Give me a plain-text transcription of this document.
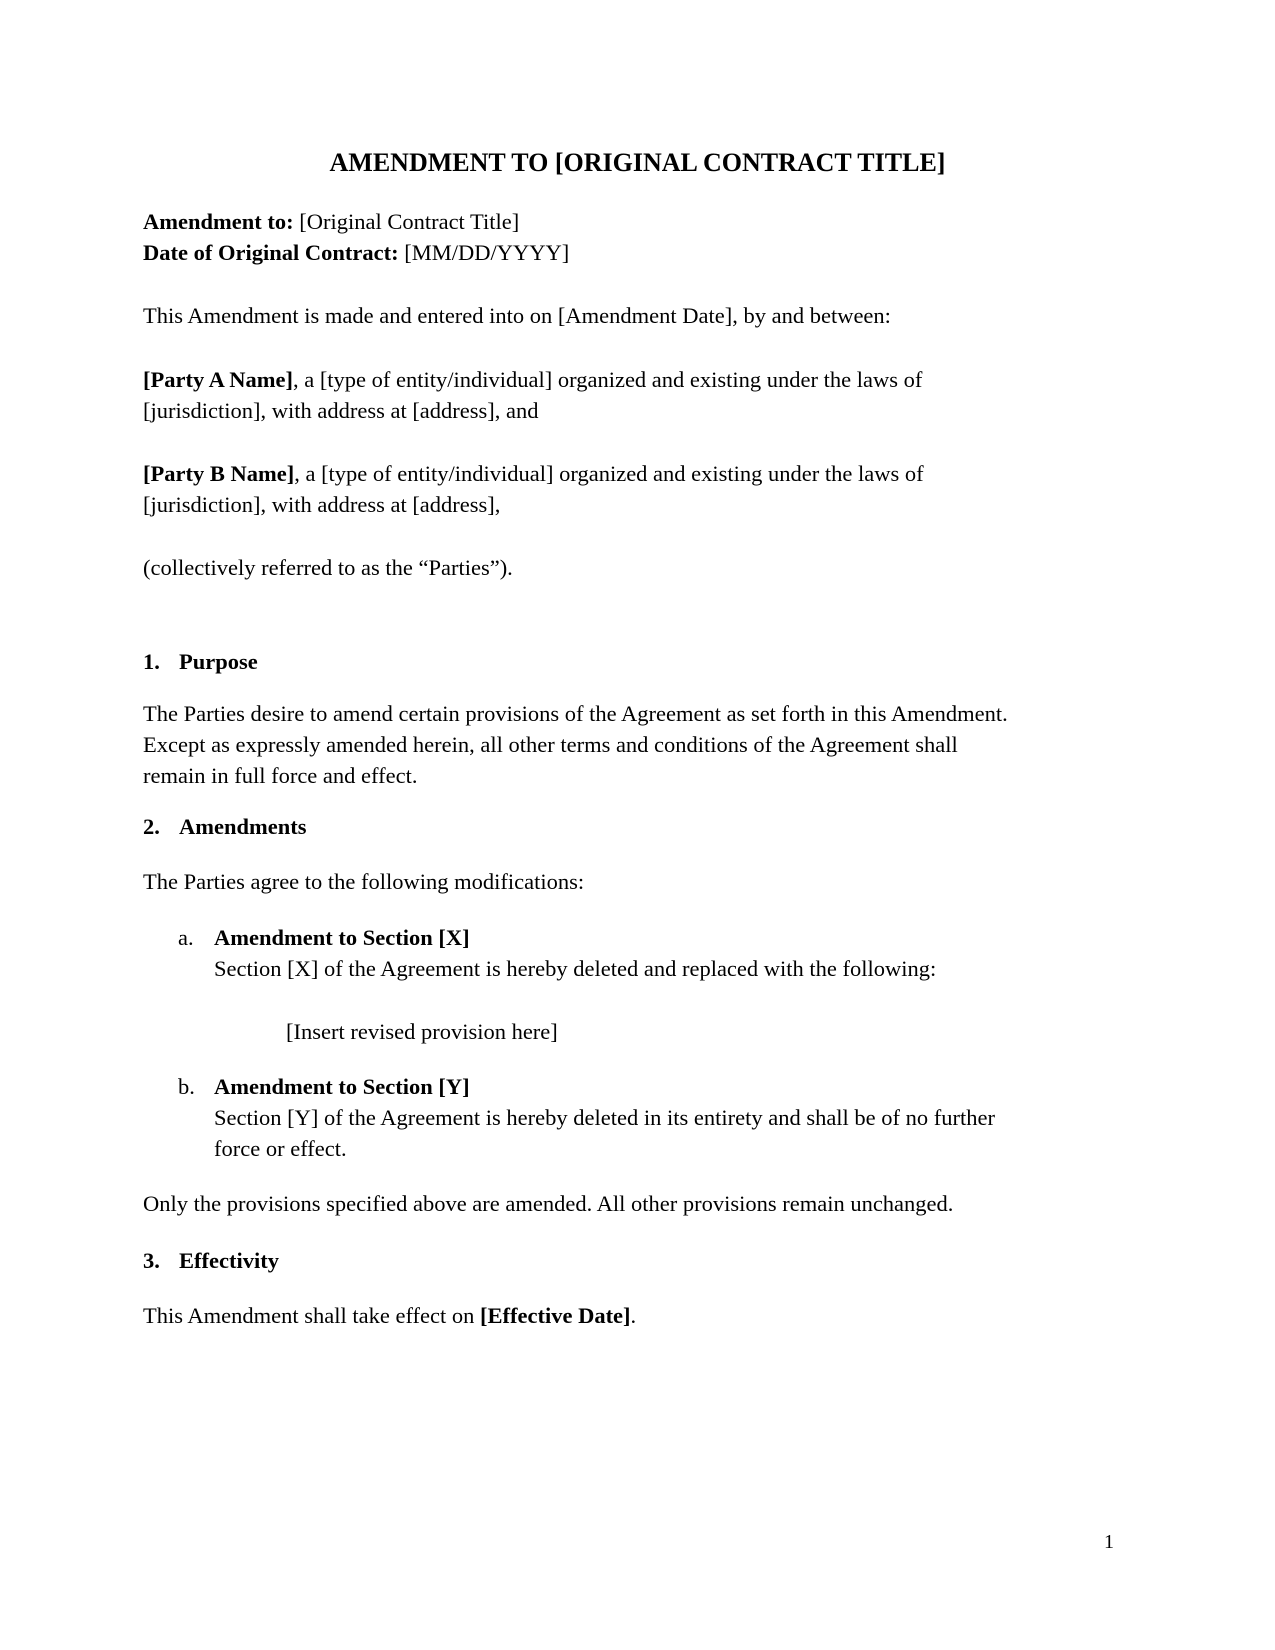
AMENDMENT TO [ORIGINAL CONTRACT TITLE]

Amendment to: [Original Contract Title]

Date of Original Contract: [MM/DD/YYYY]

This Amendment is made and entered into on [Amendment Date], by and between:

[Party A Name], a [type of entity/individual] organized and existing under the laws of

[jurisdiction], with address at [address], and

[Party B Name], a [type of entity/individual] organized and existing under the laws of

[jurisdiction], with address at [address],

(collectively referred to as the “Parties”).

1. Purpose

The Parties desire to amend certain provisions of the Agreement as set forth in this Amendment.

Except as expressly amended herein, all other terms and conditions of the Agreement shall

remain in full force and effect.

2. Amendments

The Parties agree to the following modifications:

a. Amendment to Section [X]

Section [X] of the Agreement is hereby deleted and replaced with the following:

[Insert revised provision here]

b. Amendment to Section [Y]

Section [Y] of the Agreement is hereby deleted in its entirety and shall be of no further

force or effect.

Only the provisions specified above are amended. All other provisions remain unchanged.

3. Effectivity

This Amendment shall take effect on [Effective Date].

1
